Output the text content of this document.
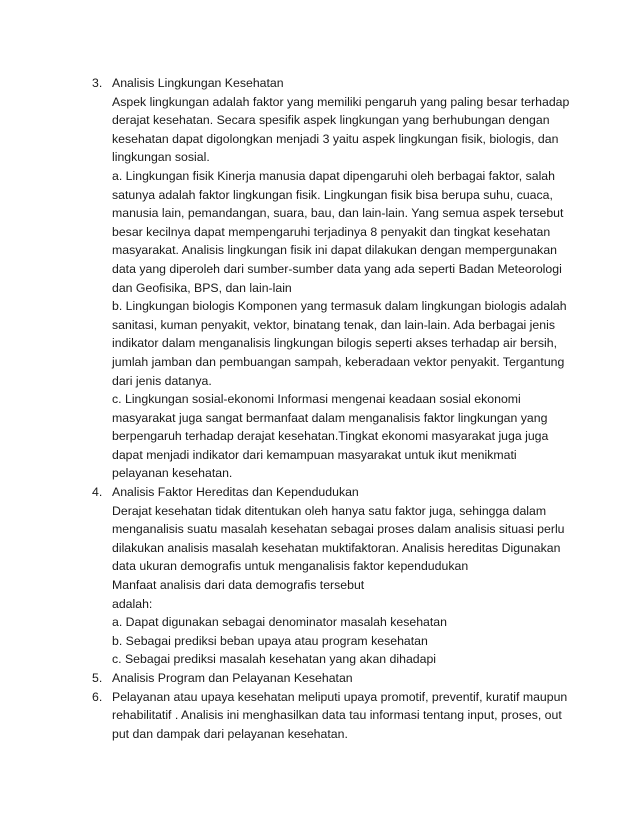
3. Analisis Lingkungan Kesehatan
Aspek lingkungan adalah faktor yang memiliki pengaruh yang paling besar terhadap derajat kesehatan. Secara spesifik aspek lingkungan yang berhubungan dengan kesehatan dapat digolongkan menjadi 3 yaitu aspek lingkungan fisik, biologis, dan lingkungan sosial.
a. Lingkungan fisik Kinerja manusia dapat dipengaruhi oleh berbagai faktor, salah satunya adalah faktor lingkungan fisik. Lingkungan fisik bisa berupa suhu, cuaca, manusia lain, pemandangan, suara, bau, dan lain-lain. Yang semua aspek tersebut besar kecilnya dapat mempengaruhi terjadinya 8 penyakit dan tingkat kesehatan masyarakat. Analisis lingkungan fisik ini dapat dilakukan dengan mempergunakan data yang diperoleh dari sumber-sumber data yang ada seperti Badan Meteorologi dan Geofisika, BPS, dan lain-lain
b. Lingkungan biologis Komponen yang termasuk dalam lingkungan biologis adalah sanitasi, kuman penyakit, vektor, binatang tenak, dan lain-lain. Ada berbagai jenis indikator dalam menganalisis lingkungan bilogis seperti akses terhadap air bersih, jumlah jamban dan pembuangan sampah, keberadaan vektor penyakit. Tergantung dari jenis datanya.
c. Lingkungan sosial-ekonomi Informasi mengenai keadaan sosial ekonomi masyarakat juga sangat bermanfaat dalam menganalisis faktor lingkungan yang berpengaruh terhadap derajat kesehatan.Tingkat ekonomi masyarakat juga juga dapat menjadi indikator dari kemampuan masyarakat untuk ikut menikmati pelayanan kesehatan.
4. Analisis Faktor Hereditas dan Kependudukan
Derajat kesehatan tidak ditentukan oleh hanya satu faktor juga, sehingga dalam menganalisis suatu masalah kesehatan sebagai proses dalam analisis situasi perlu dilakukan analisis masalah kesehatan muktifaktoran. Analisis hereditas Digunakan data ukuran demografis untuk menganalisis faktor kependudukan
Manfaat analisis dari data demografis tersebut
adalah:
a. Dapat digunakan sebagai denominator masalah kesehatan
b. Sebagai prediksi beban upaya atau program kesehatan
c. Sebagai prediksi masalah kesehatan yang akan dihadapi
5. Analisis Program dan Pelayanan Kesehatan
6. Pelayanan atau upaya kesehatan meliputi upaya promotif, preventif, kuratif maupun rehabilitatif . Analisis ini menghasilkan data tau informasi tentang input, proses, out put dan dampak dari pelayanan kesehatan.
